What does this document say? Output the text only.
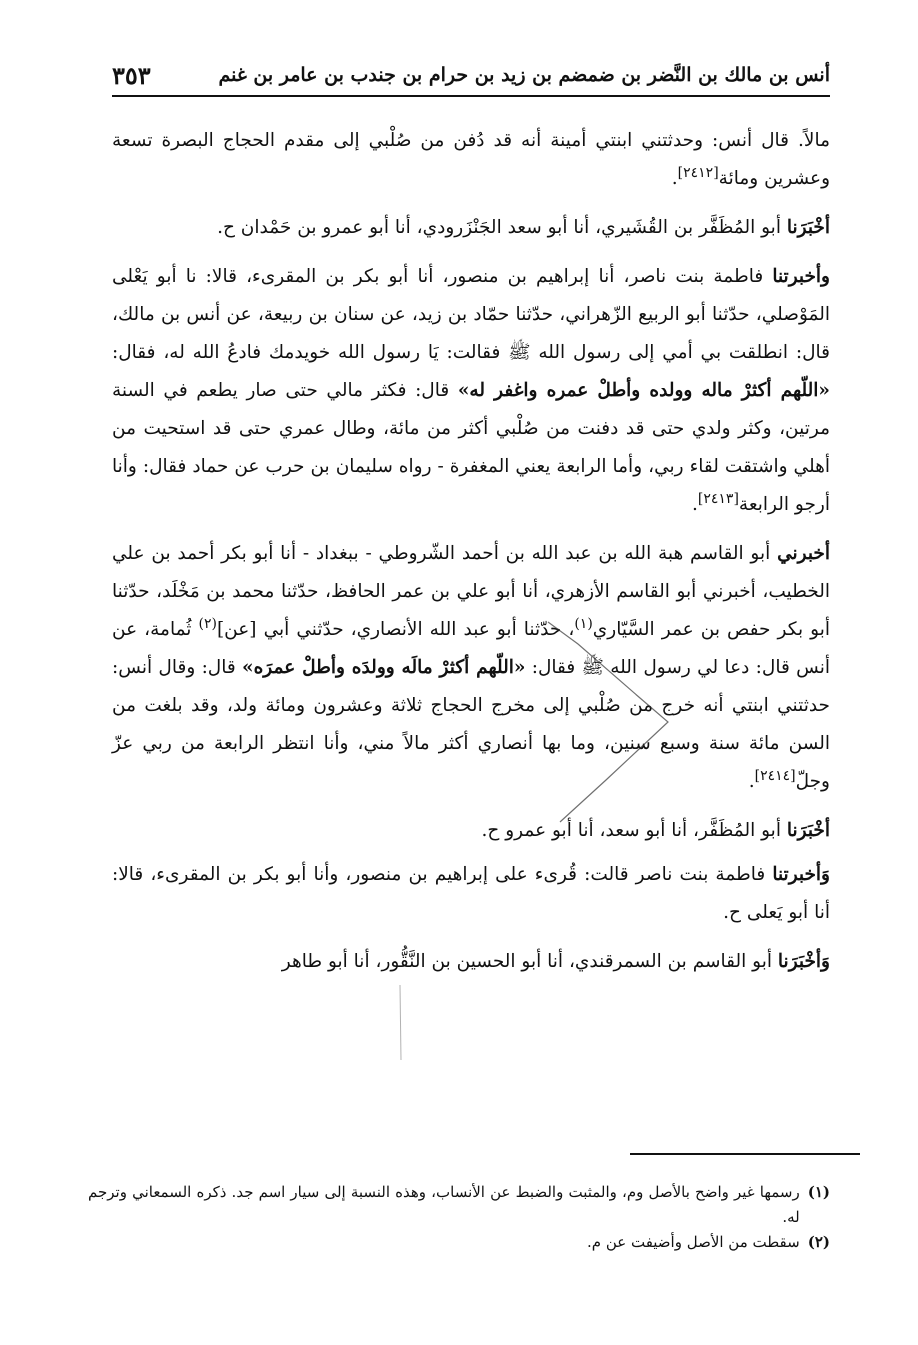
أنس بن مالك بن النَّضر بن ضمضم بن زيد بن حرام بن جندب بن عامر بن غنم
٣٥٣

مالاً. قال أنس: وحدثتني ابنتي أمينة أنه قد دُفن من صُلْبي إلى مقدم الحجاج البصرة تسعة وعشرين ومائة[٢٤١٢].

أخْبَرَنا أبو المُظَفَّر بن القُشَيري، أنا أبو سعد الجَنْزَرودي، أنا أبو عمرو بن حَمْدان ح.

وأخبرتنا فاطمة بنت ناصر، أنا إبراهيم بن منصور، أنا أبو بكر بن المقرىء، قالا: نا أبو يَعْلى المَوْصلي، حدّثنا أبو الربيع الزّهراني، حدّثنا حمّاد بن زيد، عن سنان بن ربيعة، عن أنس بن مالك، قال: انطلقت بي أمي إلى رسول الله ﷺ فقالت: يَا رسول الله خويدمك فادعُ الله له، فقال: «اللّهم أكثرْ ماله وولده وأطلْ عمره واغفر له» قال: فكثر مالي حتى صار يطعم في السنة مرتين، وكثر ولدي حتى قد دفنت من صُلْبي أكثر من مائة، وطال عمري حتى قد استحيت من أهلي واشتقت لقاء ربي، وأما الرابعة يعني المغفرة - رواه سليمان بن حرب عن حماد فقال: وأنا أرجو الرابعة[٢٤١٣].

أخبرني أبو القاسم هبة الله بن عبد الله بن أحمد الشّروطي - ببغداد - أنا أبو بكر أحمد بن علي الخطيب، أخبرني أبو القاسم الأزهري، أنا أبو علي بن عمر الحافظ، حدّثنا محمد بن مَخْلَد، حدّثنا أبو بكر حفص بن عمر السَّيّاري$^{(١)}$، حدّثنا أبو عبد الله الأنصاري، حدّثني أبي [عن]$^{(٢)}$ ثُمامة، عن أنس قال: دعا لي رسول الله ﷺ فقال: «اللّهم أكثرْ مالَه وولدَه وأطلْ عمرَه» قال: وقال أنس: حدثتني ابنتي أنه خرج من صُلْبي إلى مخرج الحجاج ثلاثة وعشرون ومائة ولد، وقد بلغت من السن مائة سنة وسبع سنين، وما بها أنصاري أكثر مالاً مني، وأنا انتظر الرابعة من ربي عزّ وجلّ[٢٤١٤].

أخْبَرَنا أبو المُظَفَّر، أنا أبو سعد، أنا أبو عمرو ح.

وَأخبرتنا فاطمة بنت ناصر قالت: قُرىء على إبراهيم بن منصور، وأنا أبو بكر بن المقرىء، قالا: أنا أبو يَعلى ح.

وَأخْبَرَنا أبو القاسم بن السمرقندي، أنا أبو الحسين بن النَّقُّور، أنا أبو طاهر

(١)
رسمها غير واضح بالأصل وم، والمثبت والضبط عن الأنساب، وهذه النسبة إلى سيار اسم جد. ذكره السمعاني وترجم له.
(٢)
سقطت من الأصل وأضيفت عن م.
